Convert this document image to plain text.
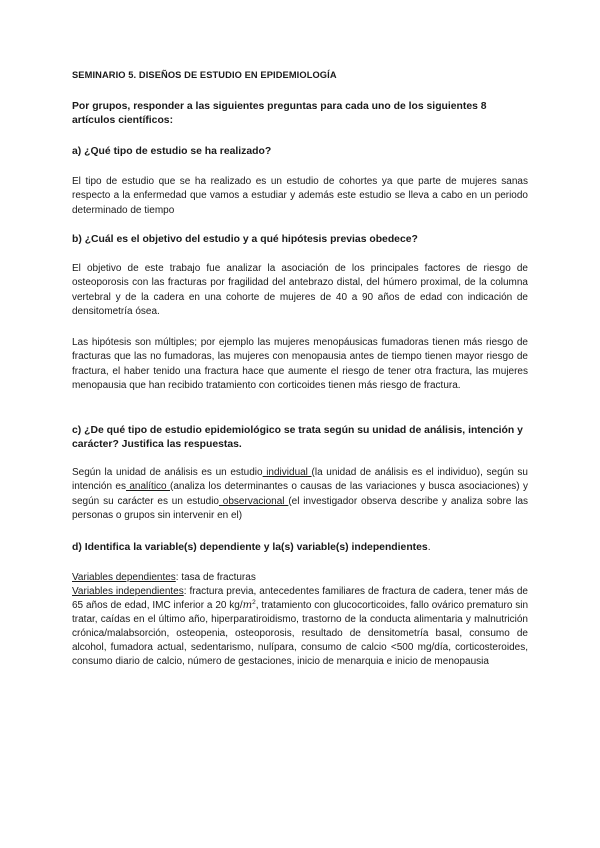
SEMINARIO 5. DISEÑOS DE ESTUDIO EN EPIDEMIOLOGÍA

Por grupos, responder a las siguientes preguntas para cada uno de los siguientes 8 artículos científicos:

a) ¿Qué tipo de estudio se ha realizado?

El tipo de estudio que se ha realizado es un estudio de cohortes ya que parte de mujeres sanas respecto a la enfermedad que vamos a estudiar y además este estudio se lleva a cabo en un periodo determinado de tiempo

b) ¿Cuál es el objetivo del estudio y a qué hipótesis previas obedece?

El objetivo de este trabajo fue analizar la asociación de los principales factores de riesgo de osteoporosis con las fracturas por fragilidad del antebrazo distal, del húmero proximal, de la columna vertebral y de la cadera en una cohorte de mujeres de 40 a 90 años de edad con indicación de densitometría ósea.

Las hipótesis son múltiples; por ejemplo las mujeres menopáusicas fumadoras tienen más riesgo de fracturas que las no fumadoras, las mujeres con menopausia antes de tiempo tienen mayor riesgo de fractura, el haber tenido una fractura hace que aumente el riesgo de tener otra fractura, las mujeres menopausia que han recibido tratamiento con corticoides tienen más riesgo de fractura.

c) ¿De qué tipo de estudio epidemiológico se trata según su unidad de análisis, intención y carácter? Justifica las respuestas.

Según la unidad de análisis es un estudio individual (la unidad de análisis es el individuo), según su intención es analítico (analiza los determinantes o causas de las variaciones y busca asociaciones) y según su carácter es un estudio observacional (el investigador observa describe y analiza sobre las personas o grupos sin intervenir en el)

d) Identifica la variable(s) dependiente y la(s) variable(s) independientes.

Variables dependientes: tasa de fracturas

Variables independientes: fractura previa, antecedentes familiares de fractura de cadera, tener más de 65 años de edad, IMC inferior a 20 $kg/m^2$, tratamiento con glucocorticoides, fallo ovárico prematuro sin tratar, caídas en el último año, hiperparatiroidismo, trastorno de la conducta alimentaria y malnutrición crónica/malabsorción, osteopenia, osteoporosis, resultado de densitometría basal, consumo de alcohol, fumadora actual, sedentarismo, nulípara, consumo de calcio <500 mg/día, corticosteroides, consumo diario de calcio, número de gestaciones, inicio de menarquia e inicio de menopausia
